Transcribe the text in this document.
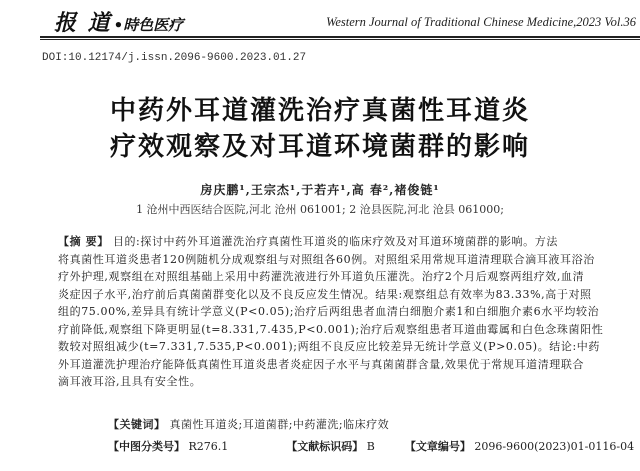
报 道 •時色医疗	Western Journal of Traditional Chinese Medicine,2023 Vol.36
DOI:10.12174/j.issn.2096-9600.2023.01.27
中药外耳道灌洗治疗真菌性耳道炎
疗效观察及对耳道环境菌群的影响
房庆鹏¹,王宗杰¹,于若卉¹,高 春²,褚俊链¹
1 沧州中西医结合医院,河北 沧州 061001; 2 沧县医院,河北 沧县 061000;
【摘 要】 目的:探讨中药外耳道灌洗治疗真菌性耳道炎的临床疗效及对耳道环境菌群的影响。方法
将真菌性耳道炎患者120例随机分成观察组与对照组各60例。对照组采用常规耳道清理联合滴耳液耳浴治
疗外护理,观察组在对照组基础上采用中药灌洗液进行外耳道负压灌洗。治疗2个月后观察两组疗效,血清
炎症因子水平,治疗前后真菌菌群变化以及不良反应发生情况。结果:观察组总有效率为83.33%,高于对照
组的75.00%,差异具有统计学意义(P<0.05);治疗后两组患者血清白细胞介素1和白细胞介素6水平均较治
疗前降低,观察组下降更明显(t=8.331,7.435,P<0.001);治疗后观察组患者耳道曲霉属和白色念珠菌阳性
数较对照组减少(t=7.331,7.535,P<0.001);两组不良反应比较差异无统计学意义(P>0.05)。结论:中药
外耳道灌洗护理治疗能降低真菌性耳道炎患者炎症因子水平与真菌菌群含量,效果优于常规耳道清理联合
滴耳液耳浴,且具有安全性。
【关键词】 真菌性耳道炎;耳道菌群;中药灌洗;临床疗效
【中图分类号】 R276.1	【文献标识码】 B	【文章编号】 2096-9600(2023)01-0116-04
